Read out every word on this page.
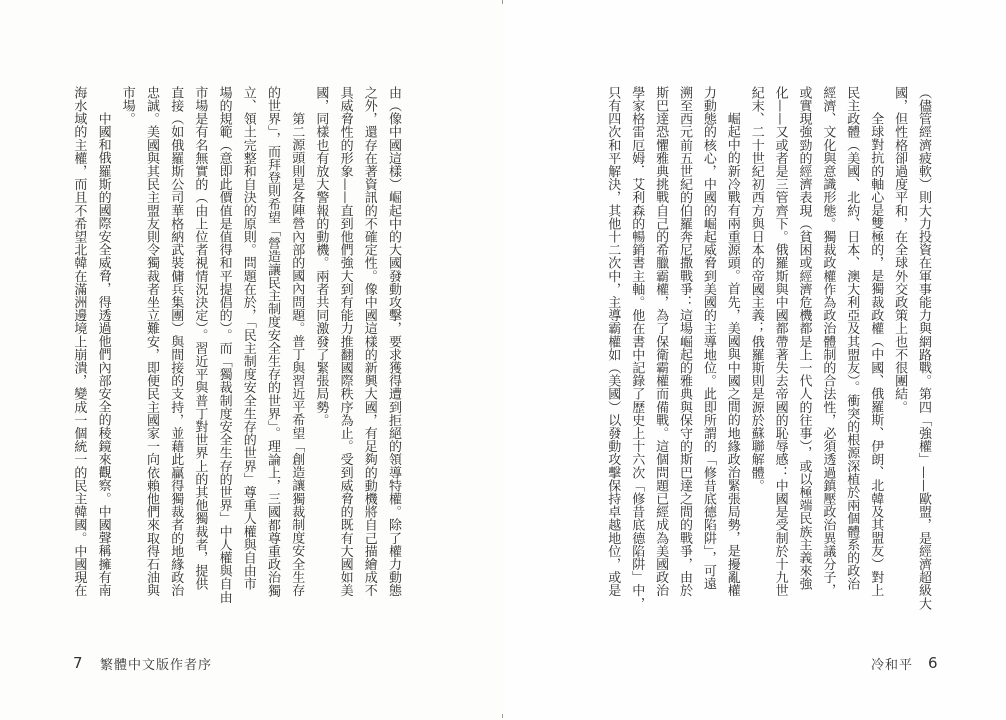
由（像中國這樣）崛起中的大國發動攻擊，要求獲得遭到拒絕的領導特權。除了權力動態
之外，還存在著資訊的不確定性。像中國這樣的新興大國，有足夠的動機將自己描繪成不
具威脅性的形象——直到他們強大到有能力推翻國際秩序為止。受到威脅的既有大國如美
國，同樣也有放大警報的動機。兩者共同激發了緊張局勢。
第二源頭則是各陣營內部的國內問題。普丁與習近平希望「創造讓獨裁制度安全生存
的世界」，而拜登則希望「營造讓民主制度安全生存的世界」。理論上，三國都尊重政治獨
立、領土完整和自決的原則。問題在於，「民主制度安全生存的世界」尊重人權與自由市
場的規範（意即此價值是值得和平提倡的）。而「獨裁制度安全生存的世界」中人權與自由
市場是有名無實的（由上位者視情況決定）。習近平與普丁對世界上的其他獨裁者，提供
直接（如俄羅斯公司華格納武裝傭兵集團）與間接的支持，並藉此贏得獨裁者的地緣政治
忠誠。美國與其民主盟友則令獨裁者坐立難安，即便民主國家一向依賴他們來取得石油與
市場。
中國和俄羅斯的國際安全威脅，得透過他們內部安全的稜鏡來觀察。中國聲稱擁有南
海水域的主權，而且不希望北韓在滿洲邊境上崩潰，變成一個統一的民主韓國。中國現在
7 繁體中文版作者序
（儘管經濟疲軟）則大力投資在軍事能力與網路戰。第四「強權」——歐盟，是經濟超級大
國，但性格卻過度平和，在全球外交政策上也不很團結。
全球對抗的軸心是雙極的，是獨裁政權（中國、俄羅斯、伊朗、北韓及其盟友）對上
民主政體（美國、北約、日本、澳大利亞及其盟友）。衝突的根源深植於兩個體系的政治
經濟、文化與意識形態。獨裁政權作為政治體制的合法性，必須透過鎮壓政治異議分子，
或實現強勁的經濟表現（貧困或經濟危機都是上一代人的往事），或以極端民族主義來強
化——又或者是三管齊下。俄羅斯與中國都帶著失去帝國的恥辱感：中國是受制於十九世
紀末、二十世紀初西方與日本的帝國主義；俄羅斯則是源於蘇聯解體。
崛起中的新冷戰有兩重源頭。首先，美國與中國之間的地緣政治緊張局勢，是擾亂權
力動態的核心，中國的崛起威脅到美國的主導地位。此即所謂的「修昔底德陷阱」，可遠
溯至西元前五世紀的伯羅奔尼撒戰爭：這場崛起的雅典與保守的斯巴達之間的戰爭，由於
斯巴達恐懼雅典挑戰自己的希臘霸權，為了保衛霸權而備戰。這個問題已經成為美國政治
學家格雷厄姆．艾利森的暢銷書主軸。他在書中記錄了歷史上十六次「修昔底德陷阱」中，
只有四次和平解決，其他十二次中，主導霸權如（美國）以發動攻擊保持卓越地位，或是
冷和平 6
